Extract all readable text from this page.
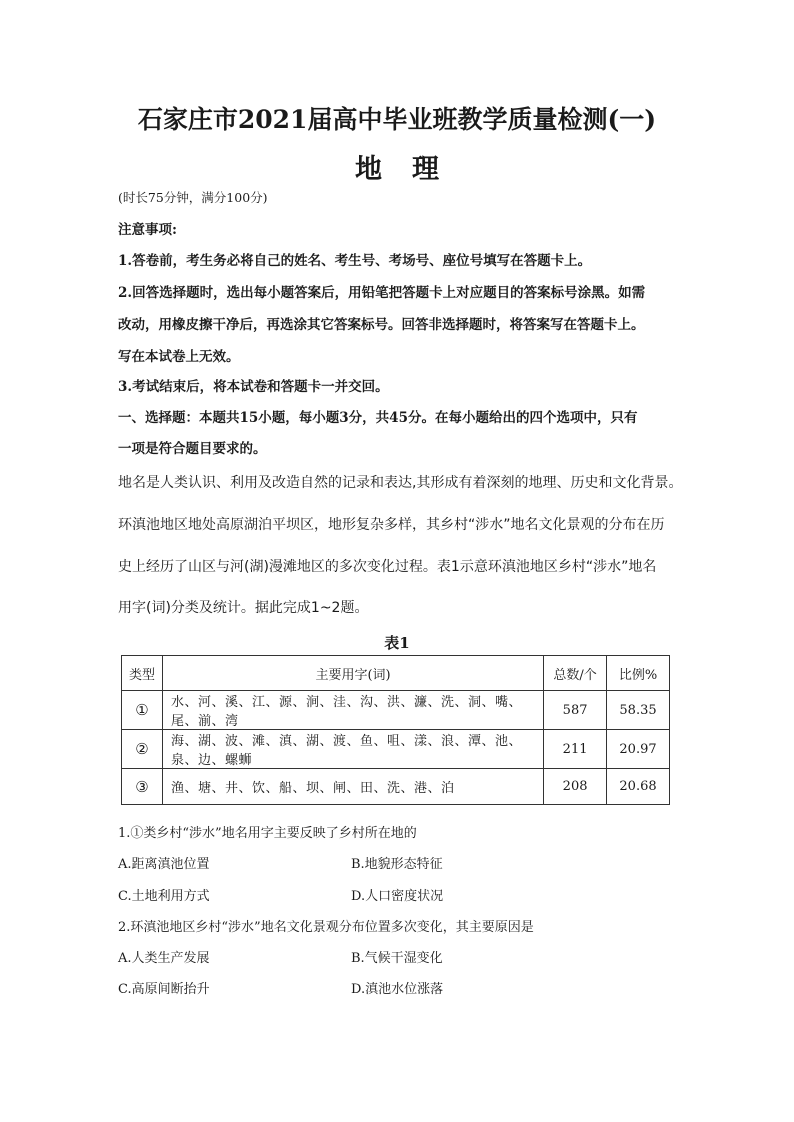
石家庄市2021届高中毕业班教学质量检测(一)
地 理
(时长75分钟，满分100分)
注意事项:
1.答卷前，考生务必将自己的姓名、考生号、考场号、座位号填写在答题卡上。
2.回答选择题时，选出每小题答案后，用铅笔把答题卡上对应题目的答案标号涂黑。如需
改动，用橡皮擦干净后，再选涂其它答案标号。回答非选择题时，将答案写在答题卡上。
写在本试卷上无效。
3.考试结束后，将本试卷和答题卡一并交回。
一、选择题：本题共15小题，每小题3分，共45分。在每小题给出的四个选项中，只有
一项是符合题目要求的。
地名是人类认识、利用及改造自然的记录和表达,其形成有着深刻的地理、历史和文化背景。
环滇池地区地处高原湖泊平坝区，地形复杂多样，其乡村“涉水”地名文化景观的分布在历
史上经历了山区与河(湖)漫滩地区的多次变化过程。表1示意环滇池地区乡村“涉水”地名
用字(词)分类及统计。据此完成1~2题。
表1
类型	主要用字(词)	总数/个	比例%
①	水、河、溪、江、源、涧、洼、沟、洪、濂、洗、洞、嘴、尾、湔、湾	587	58.35
②	海、湖、波、滩、滇、湖、渡、鱼、咀、漾、浪、潭、池、泉、边、螺蛳	211	20.97
③	渔、塘、井、饮、船、坝、闸、田、洗、港、泊	208	20.68
1.①类乡村“涉水”地名用字主要反映了乡村所在地的
A.距离滇池位置	B.地貌形态特征
C.土地利用方式	D.人口密度状况
2.环滇池地区乡村“涉水”地名文化景观分布位置多次变化，其主要原因是
A.人类生产发展	B.气候干湿变化
C.高原间断抬升	D.滇池水位涨落
